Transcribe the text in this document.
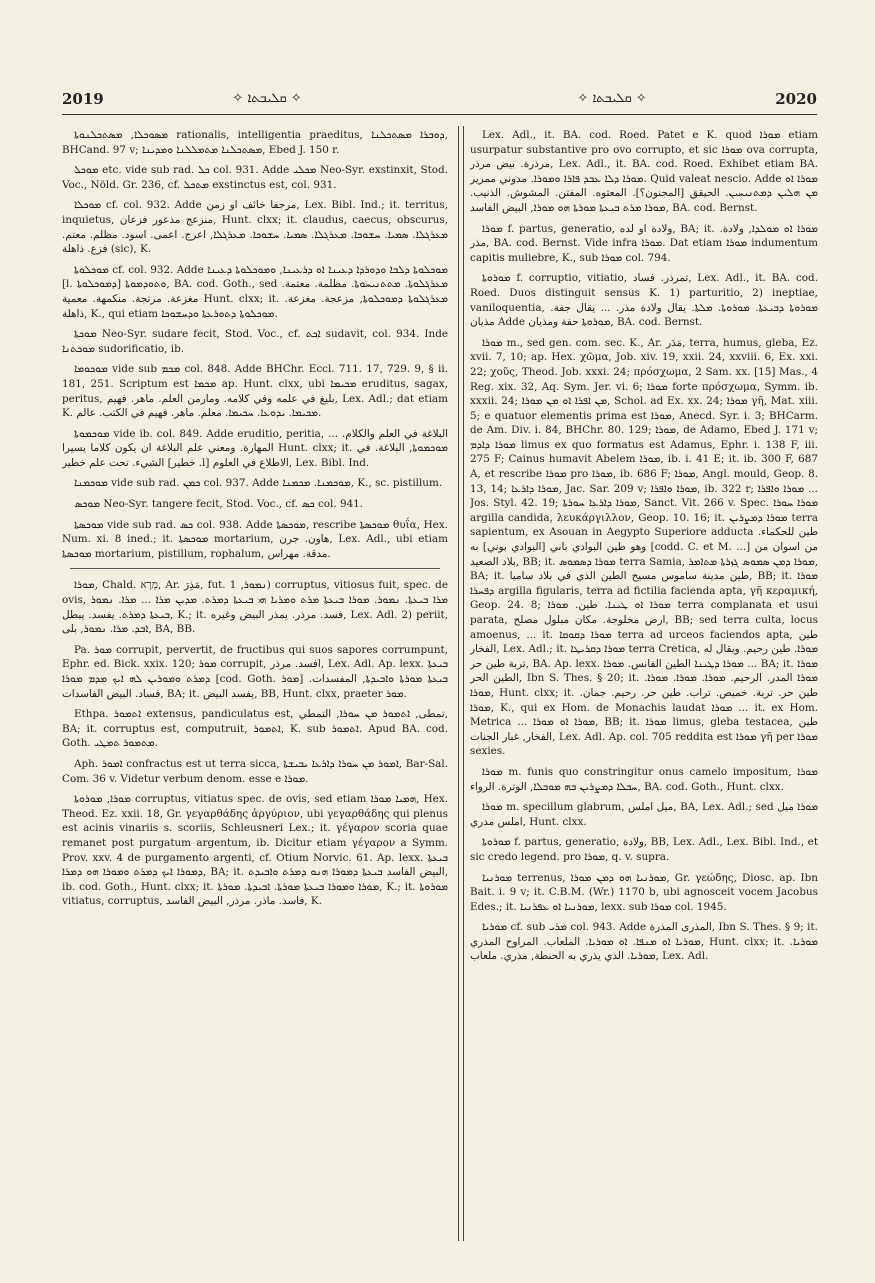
2019	✧ ܩܠܝܒܬܐ ✧	✧ ܩܠܝܒܬܐ ✧	2020

ܡܣܘܟܠܐ, ܡܣܬܟܠܢܘܬܐ rationalis, intelligentia praeditus, ܕܘܒܪܐ ܡܣܬܟܠܢܐ, BHCand. 97 v; ܡܣܬܟܠܢܐ ܡܬܡܠܠܢܐ ܘܡܕܝܢܐ, Ebed J. 150 r.

ܡܘܟܠ etc. vide sub rad. ܟܠ col. 931. Adde ܡܟܠܝ Neo-Syr. exstinxit, Stod. Voc., Nöld. Gr. 236, cf. ܡܬܟܠ exstinctus est, col. 931.

ܡܘܟܠܐ cf. col. 932. Adde مرجفا خائف او زمن, Lex. Bibl. Ind.; it. territus, inquietus, منزعج مذعور فزعان, Hunt. clxx; it. claudus, caecus, obscurus, ܡܥܪܓܠܐ. ܣܡܝܐ. ܚܫܘܟܐ. ܡܥܪܓܠܐ. ܣܡܝܐ. ܚܫܘܟܐ. ܡܥܪܓܠܐ, اعرج. اعمى. اسود. مظلم. معتم. فزع. ذاهلة (sic), K.

ܡܘܟܠܘܬܐ cf. col. 932. Adde ܡܘܟܠܘܬܐ ܕܠܒܐ ܘܕܘܪܕܐ ܕܥܝܢܐ ܐܘ ܕܪܥܝܢܐ, ܘܡܘܟܠܘܬܐ ܕܥܝܢܐ [l. ܕܡܘܟܠܘܬܐ] ܘܬܘܕܡܘܬܐ, BA. cod. Goth., sed ܡܥܪܓܠܘܬܐ. ܡܬܬܢܝܚܘܬܐ. مظلمة. معتمة. مغزعة. مرتجة. منكمهة. معمية Hunt. clxx; it. ܡܥܪܓܠܘܬܐ ܕܡܘܟܠܘܬܐ, مزعجة. مغزعة. ذاهلة, K., qui etiam ܡܘܟܠܘܬܐ ܕܬܘܪܥܬܐ ܘܕܚܫܘܟܐ.

ܡܘܟܬܐ Neo-Syr. sudare fecit, Stod. Voc., cf. ܐܟܬ sudavit, col. 934. Inde ܡܘܟܬܢܐ sudorificatio, ib.

ܡܘܟܘܡܐ vide sub ܡܟܡ col. 848. Adde BHChr. Eccl. 711. 17, 729. 9, § ii. 181, 251. Scriptum est ܡܟܡܐ ap. Hunt. clxx, ubi ܡܟܝܡܐ eruditus, sagax, peritus, بليغ في علمه وفي كلامه. ومارمن العلم. ماهر. فهيم, Lex. Adl.; dat etiam K. ܡܟܝܡܐ. ܝܕܘܥܐ. ܚܟܝܡܐ. معلم. ماهر. فهيم في الكتب. عالم.

ܡܘܟܡܘܬܐ vide ib. col. 849. Adde eruditio, peritia, البلاغة في العلم والكلام. ... المهارة. ومعني علم البلاغة ان يكون كلاما يسيرا Hunt. clxx; it. ܡܘܟܡܘܬܐ, البلاغة. في الشيء. تحت علم خطير [خطير .l] الاطلاع في العلوم, Lex. Bibl. Ind.

ܡܘܟܡܢܐ vide sub rad. ܟܡܢ col. 937. Adde ܡܘܟܡܢܐ. ܡܟܡܢܐ, K., sc. pistillum.

ܡܘܟܣ Neo-Syr. tangere fecit, Stod. Voc., cf. ܟܣ col. 941.

ܡܘܟܣܬܐ vide sub rad. ܟܣ col. 938. Adde ܡܘܟܣܬܐ, rescribe ܡܘܟܣܬܐ θυΐα, Hex. Num. xi. 8 ined.; it. ܡܘܟܣܬܐ mortarium, هاون. جرن, Lex. Adl., ubi etiam ܡܘܟܣܬܐ mortarium, pistillum, rophalum, مدقة. مهراس.

ܡܘܪܐ, Chald. מְרָא, Ar. مَذِرَ, fut. ܢܡܘܪ, 1) corruptus, vitiosus fuit, spec. de ovis, ܡܪܐ ܒܝܥܬܐ. ܢܡܘܪ. ܡܘܪܐ ܒܝܥܬܐ ܡܪܬ ܘܡܪܝܐ ܗܝ ܒܝܥܬܐ ܕܡܪܬ. ܡܕܝܢ ܡܪܐ ... ܡܪܐ. ܢܡܘܪ ܒܝܥܬܐ ܕܡܪܬ. يفسد. يبطل, K.; it. فسد. مرذر. يمذر البيض وغيره, Lex. Adl. 2) periit, ܐܒܕ. ܡܪܐ. ܢܡܘܪ, بلى, BA, BB.

Pa. ܡܘܪ corrupit, pervertit, de fructibus qui suos sapores corrumpunt, Ephr. ed. Bick. xxix. 120; ܡܘܪ corrupit, افسد. مرذر, Lex. Adl. Ap. lexx. ܒܝܥܬܐ ܕܡܪܬ ܘܡܘܪܝܢ ܠܗ ܐܝܟ ܡܕܡ ܡܘܪܐ [cod. Goth. ܡܘܪ] ܒܝܥܬܐ ܡܘܪܬܐ ܘܐܒܝܕܬܐ, المفسدات. فساد. البيض الفاسدات, BA; it. يفسد البيض, BB, Hunt. clxx, praeter ܡܘܪ.

Ethpa. ܐܬܡܘܪ extensus, pandiculatus est, تمطى, ܐܬܡܘܪ ܡܢ ܚܘܪܐ, التمطي, BA; it. corruptus est, computruit, ܐܬܡܘܪ, K. sub ܐܬܡܘܪ. Apud BA. cod. Goth. ܡܬܡܘܪ ܬܡܛܝ.

Aph. ܐܡܘܪ confractus est ut terra sicca, ܐܡܘܪ ܡܢ ܚܘܪܐ ܕܐܪܥܐ ܝܒܝܫܬܐ, Bar-Sal. Com. 36 v. Videtur verbum denom. esse e ܡܘܪܐ.

ܡܘܪܐ, ܡܘܪܘܬܐ corruptus, vitiatus spec. de ovis, sed etiam ܗܡܝܐ ܡܘܪܐ, Hex. Theod. Ez. xxii. 18, Gr. γεγαρθάδης ἀργύριον, ubi γεγαρθάδης qui plenus est acinis vinariis s. scoriis, Schleusneri Lex.; it. γέγαρον scoria quae remanet post purgatum argentum, ib. Dicitur etiam γέγαρον a Symm. Prov. xxv. 4 de purgamento argenti, cf. Otium Norvic. 61. Ap. lexx. ܒܝܥܬܐ ܕܡܘܪܐ ܐܝܟ ܕܡܪܬ ܘܡܘܪܐ ܗܘ ܕܡܪܐ, BA; it. البيض الفاسد ܒܝܥܬܐ ܕܡܘܪܐ ܗܢܘ ܕܡܪܬ ܘܐܒܝܕܬ, ib. cod. Goth., Hunt. clxx; it. ܡܘܪܐ ܘܡܘܪܐ ܒܝܥܬܐ ܡܘܪܬܐ. ܐܒܝܕܬܐ. ܡܘܪܬܐ, K.; it. ܡܘܪܘܬܐ vitiatus, corruptus, فاسد. ماذر. مرذر, البيض الفاسد, K.

Lex. Adl., it. BA. cod. Roed. Patet e K. quod ܡܘܪܐ etiam usurpatur substantive pro ovo corrupto, et sic ܡܘܪܐ ova corrupta, مرذرة. بيض مرذر, Lex. Adl., it. BA. cod. Roed. Exhibet etiam BA. ܡܘܪܐ ܕܠܐ ܥܒܕ ܦܐܪܐ ܘܡܘܪܐ. مدوني ممرير. Quid valeat nescio. Adde ܡܘܪܐ ܐܘ ܡܢ ܗܠܝܢ ܕܡܬܢܝܚܝܢ. الحيقق [المجنون؟]. المعتوه. المفتن. المشوش. الذنيب. ܡܘܪܐ ܡܪܬ ܒܝܥܬܐ ܡܘܪܬܐ ܗܘ ܡܘܪܐ, البيض الفاسد, BA. cod. Bernst.

ܡܘܪܐ f. partus, generatio, ولادة او لده, BA; it. ܡܘܪܐ ܐܘ ܡܘܠܕܐ, ولادة. مذر, BA. cod. Bernst. Vide infra ܡܘܪܐ. Dat etiam ܡܘܪܐ indumentum capitis muliebre, K., sub ܡܘܪܐ col. 794.

ܡܘܪܘܬܐ f. corruptio, vitiatio, تمرذر. فساد, Lex. Adl., it. BA. cod. Roed. Duos distinguit sensus K. 1) parturitio, 2) ineptiae, vaniloquentia, ܡܘܪܘܬܐ ܕܒܝܥܬܐ. ܡܘܪܘܬܐ. ܡܠܬܐ. يقال ولادة مذر. ... يقال جفة. مذيان Adde ܡܘܪܘܬܐ حفة ومذيان, BA. cod. Bernst.

ܡܘܪܐ m., sed gen. com. sec. K., Ar. مَدَر, terra, humus, gleba, Ez. xvii. 7, 10; ap. Hex. χῶμα, Job. xiv. 19, xxii. 24, xxviii. 6, Ex. xxi. 22; χοῦς, Theod. Job. xxxi. 24; πρόσχωμα, 2 Sam. xx. [15] Mas., 4 Reg. xix. 32, Aq. Sym. Jer. vi. 6; ܡܘܪܐ forte πρόσχωμα, Symm. ib. xxxii. 24; ܡܢ ܐܦܪܐ ܐܘ ܡܢ ܡܘܪܐ, Schol. ad Ex. xx. 24; ܡܘܪܐ γῆ, Mat. xiii. 5; e quatuor elementis prima est ܡܘܪܐ, Anecd. Syr. i. 3; BHCarm. de Am. Div. i. 84, BHChr. 80. 129; ܡܘܪܐ, de Adamo, Ebed J. 171 v; ܡܘܪܐ ܕܐܕܡ limus ex quo formatus est Adamus, Ephr. i. 138 F, iii. 275 F; Cainus humavit Abelem ܡܘܪܐ, ib. i. 41 E; it. ib. 300 F, 687 A, et rescribe ܡܘܪܐ pro ܡܘܪܐ, ib. 686 F; ܡܘܪܐ, Angl. mould, Geop. 8. 13, 14; ܡܘܪܐ ܕܐܪܥܐ, Jac. Sar. 209 v; ܡܘܪܐ ܘܐܦܪܐ, ib. 322 r; ܡܘܪܐ ܘܐܦܪܐ ... Jos. Styl. 42. 19; ܡܘܪܐ ܕܐܪܥܐ ܚܘܪܬܐ, Sanct. Vit. 266 v. Spec. ܡܘܪܐ ܚܘܪܐ argilla candida, λευκάργιλλον, Geop. 10. 16; it. ܡܘܪܐ ܕܡܨܪܝܢ terra sapientum, ex Asouan in Aegypto Superiore adducta طين للحكماء. وهو طين البوادي باني [البوادي بوني] به [codd. C. et M. ...] من اسوان من بلاد الصعيد, BB; it. ܡܘܪܐ ܕܣܡܘܣ terra Samia, ܡܘܪܐ ܕܡܢ ܣܡܘܣ ܓܙܪܬܐ ܡܬܐܡܪ, BA; it. طين مدينة ساموس مسيح الطين الذي في بلاد ساميا, BB; it. ܡܘܪܐ ܕܦܚܪܐ argilla figularis, terra ad fictilia facienda apta, γῆ κεραμική, Geop. 24. 8; ܡܘܪܐ ܐܘ ܛܝܢܐ. طين. ܡܘܪܐ terra complanata et usui parata, ارض مخلوجة. مكان مبلول مصلح, BB; sed terra culta, locus amoenus, ... it. ܡܘܪܐ ܕܩܘܩܐ terra ad urceos faciendos apta, طين الفخار, Lex. Adl.; it. ܡܘܪܐ ܕܩܪܝܛܐ terra Cretica, ܡܘܪܐ. طين رحيم. ويقال له تربة طين حر, BA. Ap. lexx. ܡܘܪܐ ܕܛܝܢܐ الطين الفانس. ܡܘܪܐ ... BA; it. ܡܘܪܐ الطين الحر, Ibn S. Thes. § 20; it. ܡܘܪܐ المدر. الرحيم. ܡܘܪܐ. ܡܘܪܐ. ܡܘܪܐ. ܡܘܪܐ, Hunt. clxx; it. طين حر. تربة. خميص. تراب. طين حر. رحيم. جمان. ܡܘܪܐ, K., qui ex Hom. de Monachis laudat ܡܘܪܐ ... it. ex Hom. Metrica ... ܡܘܪܐ ܐܘ ܡܘܪܐ, BB; it. ܡܘܪܐ limus, gleba testacea, طين الفخار, غبار الجنات, Lex. Adl. Ap. col. 705 reddita est ܡܘܪܐ γῆ per ܡܘܪܐ sexies.

ܡܘܪܐ m. funis quo constringitur onus camelo impositum, ܡܘܪܐ ܚܒܠܐ ܕܡܨܪܝܢ ܒܗ ܡܘܒܠܐ, الوترة. الرواء, BA. cod. Goth., Hunt. clxx.

ܡܘܪܐ m. specillum glabrum, ميل املس, BA, Lex. Adl.; sed ܡܘܪܐ ميل املس مدري, Hunt. clxx.

ܡܘܪܘܬܐ f. partus, generatio, ولادة, BB, Lex. Adl., Lex. Bibl. Ind., et sic credo legend. pro ܡܘܪܐ, q. v. supra.

ܡܘܪܢܝܐ terrenus, ܡܘܪܢܝܐ ܗܘ ܕܡܢ ܡܘܪܐ, Gr. γεώδης, Diosc. ap. Ibn Bait. i. 9 v; it. C.B.M. (Wr.) 1170 b, ubi agnosceit vocem Jacobus Edes.; it. ܡܘܪܢܝܐ ܐܘ ܥܦܪܢܝܐ, lexx. sub ܡܘܪܐ col. 1945.

ܡܘܪܝܐ cf. sub ܡܪܝ col. 943. Adde المذرى المذرة, Ibn S. Thes. § 9; it. ܡܘܪܝܐ ܐܘ ܡܢܦܐ. ܐܘ ܡܘܪܝܐ. الملعاب. المراوح المذري, Hunt. clxx; it. ܡܘܪܝܐ. ܡܘܪܝܐ. الذي يذري به الحنطة, مذري. ملعاب, Lex. Adl.
